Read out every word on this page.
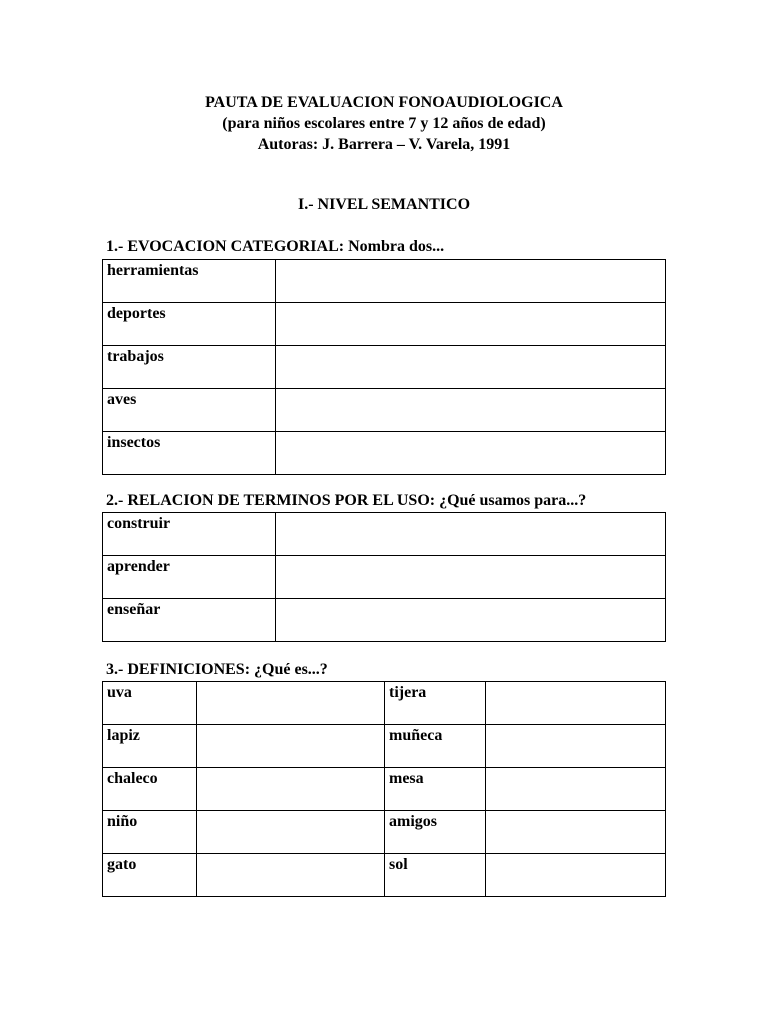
PAUTA DE EVALUACION FONOAUDIOLOGICA
(para niños escolares entre 7 y 12 años de edad)
Autoras: J. Barrera – V. Varela, 1991
I.- NIVEL SEMANTICO
1.- EVOCACION CATEGORIAL: Nombra dos...
herramientas	
deportes	
trabajos	
aves	
insectos	
2.- RELACION DE TERMINOS POR EL USO: ¿Qué usamos para...?
construir	
aprender	
enseñar	
3.- DEFINICIONES: ¿Qué es...?
uva		tijera	
lapiz		muñeca	
chaleco		mesa	
niño		amigos	
gato		sol	
